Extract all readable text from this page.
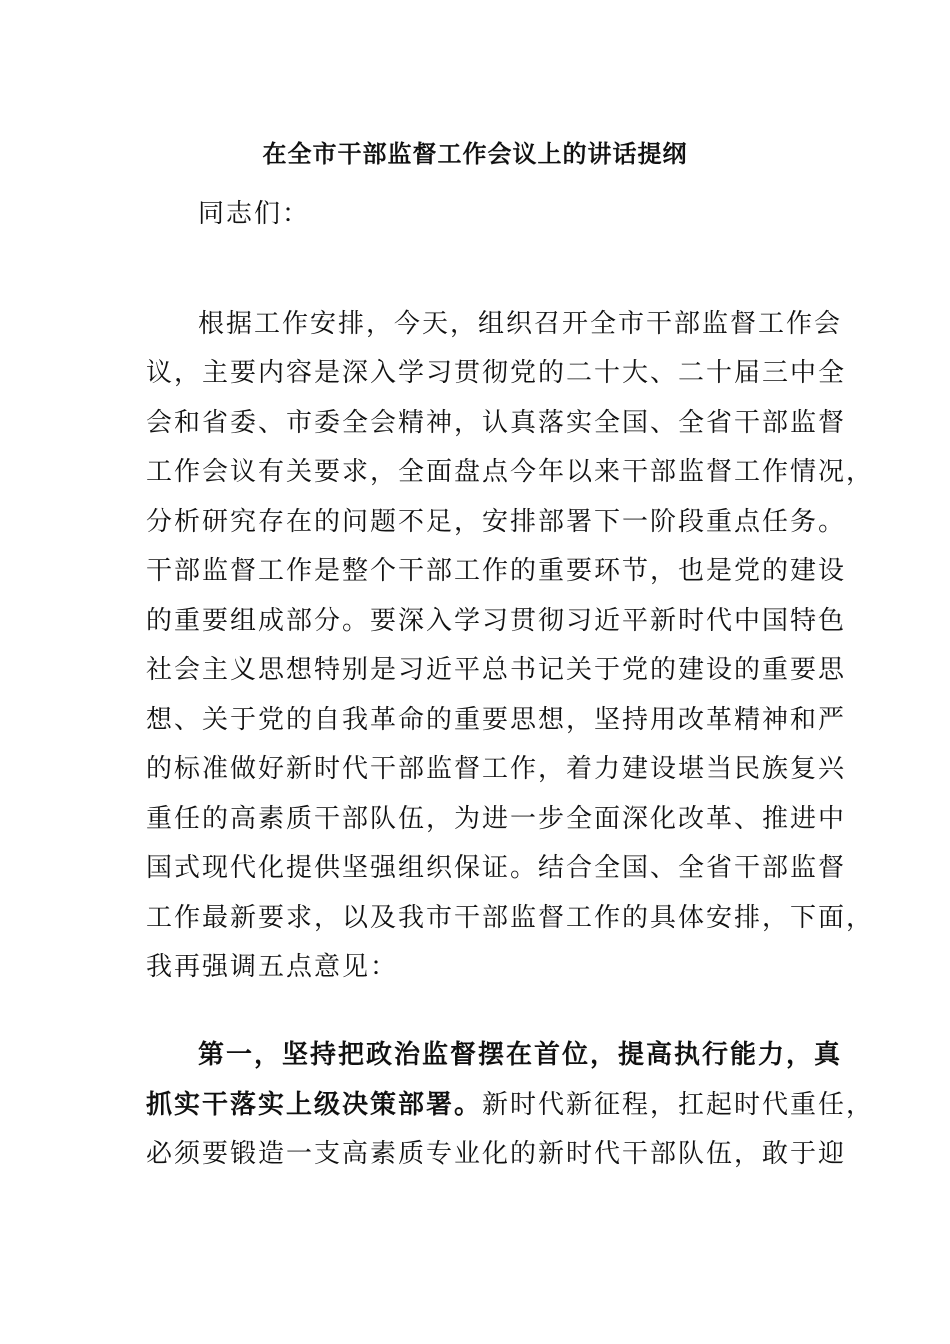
在全市干部监督工作会议上的讲话提纲
同志们：
根据工作安排，今天，组织召开全市干部监督工作会
议，主要内容是深入学习贯彻党的二十大、二十届三中全
会和省委、市委全会精神，认真落实全国、全省干部监督
工作会议有关要求，全面盘点今年以来干部监督工作情况，
分析研究存在的问题不足，安排部署下一阶段重点任务。
干部监督工作是整个干部工作的重要环节，也是党的建设
的重要组成部分。要深入学习贯彻习近平新时代中国特色
社会主义思想特别是习近平总书记关于党的建设的重要思
想、关于党的自我革命的重要思想，坚持用改革精神和严
的标准做好新时代干部监督工作，着力建设堪当民族复兴
重任的高素质干部队伍，为进一步全面深化改革、推进中
国式现代化提供坚强组织保证。结合全国、全省干部监督
工作最新要求，以及我市干部监督工作的具体安排，下面，
我再强调五点意见：
第一，坚持把政治监督摆在首位，提高执行能力，真
抓实干落实上级决策部署。新时代新征程，扛起时代重任，
必须要锻造一支高素质专业化的新时代干部队伍，敢于迎
